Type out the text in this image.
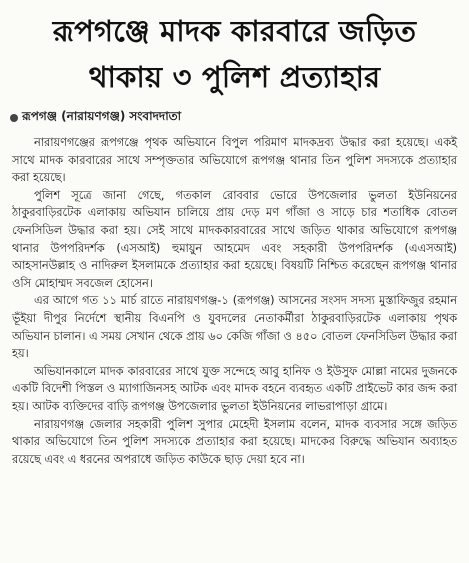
রূপগঞ্জে মাদক কারবারে জড়িত
থাকায় ৩ পুলিশ প্রত্যাহার
রূপগঞ্জ (নারায়ণগঞ্জ) সংবাদদাতা

নারায়ণগঞ্জের রূপগঞ্জে পৃথক অভিযানে বিপুল পরিমাণ মাদকদ্রব্য উদ্ধার করা হয়েছে। একই সাথে মাদক কারবারের সাথে সম্পৃক্ততার অভিযোগে রূপগঞ্জ থানার তিন পুলিশ সদস্যকে প্রত্যাহার করা হয়েছে।

পুলিশ সূত্রে জানা গেছে, গতকাল রোববার ভোরে উপজেলার ভুলতা ইউনিয়নের ঠাকুরবাড়িরটেক এলাকায় অভিযান চালিয়ে প্রায় দেড় মণ গাঁজা ও সাড়ে চার শতাধিক বোতল ফেনসিডিল উদ্ধার করা হয়। সেই সাথে মাদককারবারের সাথে জড়িত থাকার অভিযোগে রূপগঞ্জ থানার উপপরিদর্শক (এসআই) হুমায়ুন আহমেদ এবং সহকারী উপপরিদর্শক (এএসআই) আহসানউল্লাহ ও নাদিরুল ইসলামকে প্রত্যাহার করা হয়েছে। বিষয়টি নিশ্চিত করেছেন রূপগঞ্জ থানার ওসি মোহাম্মদ সবজেল হোসেন।

এর আগে গত ১১ মার্চ রাতে নারায়ণগঞ্জ-১ (রূপগঞ্জ) আসনের সংসদ সদস্য মুস্তাফিজুর রহমান ভূঁইয়া দীপুর নির্দেশে স্থানীয় বিএনপি ও যুবদলের নেতাকর্মীরা ঠাকুরবাড়িরটেক এলাকায় পৃথক অভিযান চালান। এ সময় সেখান থেকে প্রায় ৬০ কেজি গাঁজা ও ৪৫০ বোতল ফেনসিডিল উদ্ধার করা হয়।

অভিযানকালে মাদক কারবারের সাথে যুক্ত সন্দেহে আবু হানিফ ও ইউসুফ মোল্লা নামের দুজনকে একটি বিদেশী পিস্তল ও ম্যাগাজিনসহ আটক এবং মাদক বহনে ব্যবহৃত একটি প্রাইভেট কার জব্দ করা হয়। আটক ব্যক্তিদের বাড়ি রূপগঞ্জ উপজেলার ভুলতা ইউনিয়নের লাভরাপাড়া গ্রামে।

নারায়ণগঞ্জ জেলার সহকারী পুলিশ সুপার মেহেদী ইসলাম বলেন, মাদক ব্যবসার সঙ্গে জড়িত থাকার অভিযোগে তিন পুলিশ সদস্যকে প্রত্যাহার করা হয়েছে। মাদকের বিরুদ্ধে অভিযান অব্যাহত রয়েছে এবং এ ধরনের অপরাধে জড়িত কাউকে ছাড় দেয়া হবে না।
